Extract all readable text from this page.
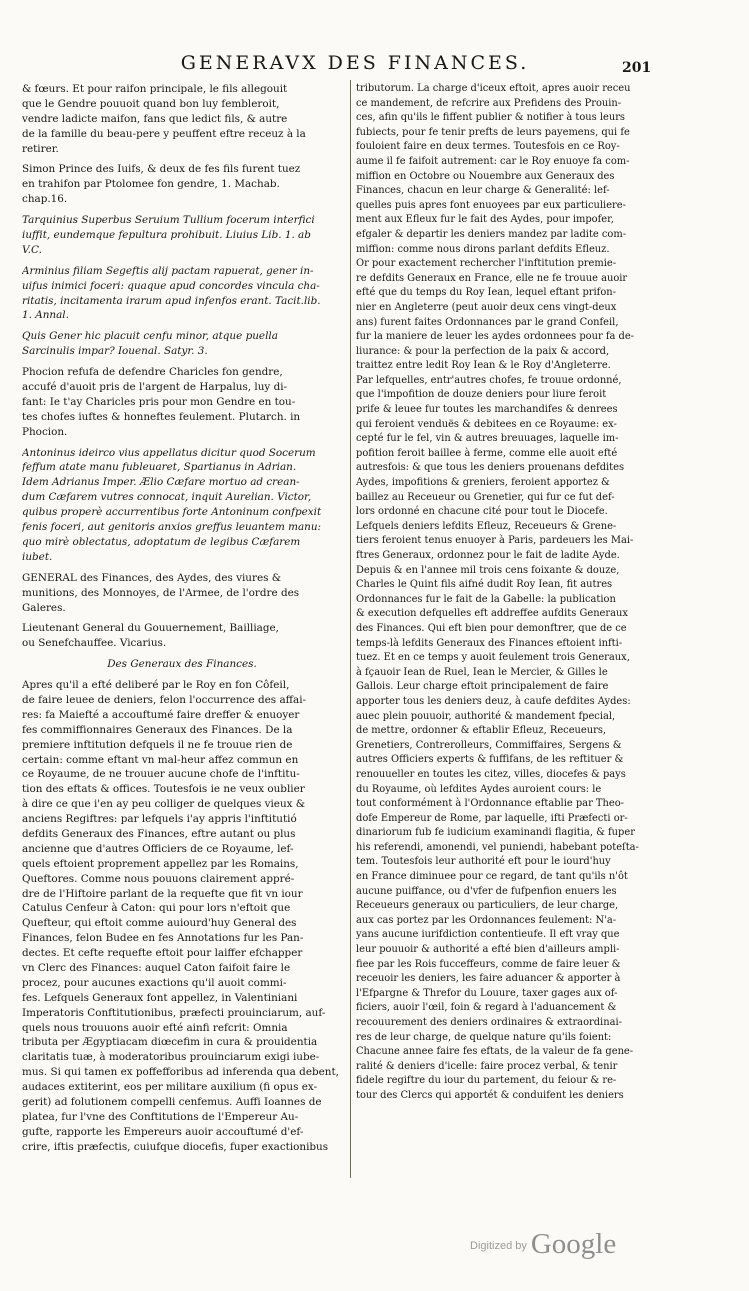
GENERAVX DES FINANCES.	201
& fœurs. Et pour raifon principale, le fils allegouit
que le Gendre pouuoit quand bon luy fembleroit,
vendre ladicte maifon, fans que ledict fils, & autre
de la famille du beau-pere y peuffent eftre receuz à la
retirer.
Simon Prince des Iuifs, & deux de fes fils furent tuez
en trahifon par Ptolomee fon gendre, 1. Machab.
chap.16.
Tarquinius Superbus Seruium Tullium focerum interfici
iuffit, eundemque fepultura prohibuit. Liuius Lib. 1. ab
V.C.
Arminius filiam Segeftis alij pactam rapuerat, gener in-
uifus inimici foceri: quaque apud concordes vincula cha-
ritatis, incitamenta irarum apud infenfos erant. Tacit.lib.
1. Annal.
Quis Gener hic placuit cenfu minor, atque puella
Sarcinulis impar? Iouenal. Satyr. 3.
Phocion refufa de defendre Charicles fon gendre,
accufé d'auoit pris de l'argent de Harpalus, luy di-
fant: Ie t'ay Charicles pris pour mon Gendre en tou-
tes chofes iuftes & honneftes feulement. Plutarch. in
Phocion.
Antoninus ideirco vius appellatus dicitur quod Socerum
feffum atate manu fubleuaret, Spartianus in Adrian.
Idem Adrianus Imper. Ælio Cæfare mortuo ad crean-
dum Cæfarem vutres connocat, inquit Aurelian. Victor,
quibus properè accurrentibus forte Antoninum confpexit
fenis foceri, aut genitoris anxios greffus leuantem manu:
quo mirè oblectatus, adoptatum de legibus Cæfarem
iubet.
GENERAL des Finances, des Aydes, des viures &
munitions, des Monnoyes, de l'Armee, de l'ordre des
Galeres.
Lieutenant General du Gouuernement, Bailliage,
ou Senefchauffee. Vicarius.
Des Generaux des Finances.
Apres qu'il a efté deliberé par le Roy en fon Côfeil,
de faire leuee de deniers, felon l'occurrence des affai-
res: fa Maiefté a accouftumé faire dreffer & enuoyer
fes commiffionnaires Generaux des Finances. De la
premiere inftitution defquels il ne fe trouue rien de
certain: comme eftant vn mal-heur affez commun en
ce Royaume, de ne trouuer aucune chofe de l'inftitu-
tion des eftats & offices. Toutesfois ie ne veux oublier
à dire ce que i'en ay peu colliger de quelques vieux &
anciens Regiftres: par lefquels i'ay appris l'inftitutió
defdits Generaux des Finances, eftre autant ou plus
ancienne que d'autres Officiers de ce Royaume, lef-
quels eftoient proprement appellez par les Romains,
Queftores. Comme nous pouuons clairement appré-
dre de l'Hiftoire parlant de la requefte que fit vn iour
Catulus Cenfeur à Caton: qui pour lors n'eftoit que
Quefteur, qui eftoit comme auiourd'huy General des
Finances, felon Budee en fes Annotations fur les Pan-
dectes. Et cefte requefte eftoit pour laiffer efchapper
vn Clerc des Finances: auquel Caton faifoit faire le
procez, pour aucunes exactions qu'il auoit commi-
fes. Lefquels Generaux font appellez, in Valentiniani
Imperatoris Conftitutionibus, præfecti prouinciarum, auf-
quels nous trouuons auoir efté ainfi refcrit: Omnia
tributa per Ægyptiacam diœcefim in cura & prouidentia
claritatis tuæ, à moderatoribus prouinciarum exigi iube-
mus. Si qui tamen ex poffefforibus ad inferenda qua debent,
audaces extiterint, eos per militare auxilium (fi opus ex-
gerit) ad folutionem compelli cenfemus. Auffi Ioannes de
platea, fur l'vne des Conftitutions de l'Empereur Au-
gufte, rapporte les Empereurs auoir accouftumé d'ef-
crire, iftis præfectis, cuiufque diocefis, fuper exactionibus
tributorum. La charge d'iceux eftoit, apres auoir receu
ce mandement, de refcrire aux Prefidens des Prouin-
ces, afin qu'ils le fiffent publier & notifier à tous leurs
fubiects, pour fe tenir prefts de leurs payemens, qui fe
fouloient faire en deux termes. Toutesfois en ce Roy-
aume il fe faifoit autrement: car le Roy enuoye fa com-
miffion en Octobre ou Nouembre aux Generaux des
Finances, chacun en leur charge & Generalité: lef-
quelles puis apres font enuoyees par eux particuliere-
ment aux Efleux fur le fait des Aydes, pour impofer,
efgaler & departir les deniers mandez par ladite com-
miffion: comme nous dirons parlant defdits Efleuz.
Or pour exactement rechercher l'inftitution premie-
re defdits Generaux en France, elle ne fe trouue auoir
efté que du temps du Roy Iean, lequel eftant prifon-
nier en Angleterre (peut auoir deux cens vingt-deux
ans) furent faites Ordonnances par le grand Confeil,
fur la maniere de leuer les aydes ordonnees pour fa de-
liurance: & pour la perfection de la paix & accord,
traittez entre ledit Roy Iean & le Roy d'Angleterre.
Par lefquelles, entr'autres chofes, fe trouue ordonné,
que l'impofition de douze deniers pour liure feroit
prife & leuee fur toutes les marchandifes & denrees
qui feroient venduës & debitees en ce Royaume: ex-
cepté fur le fel, vin & autres breuuages, laquelle im-
pofition feroit baillee à ferme, comme elle auoit efté
autresfois: & que tous les deniers prouenans defdites
Aydes, impofitions & greniers, feroient apportez &
baillez au Receueur ou Grenetier, qui fur ce fut def-
lors ordonné en chacune cité pour tout le Diocefe.
Lefquels deniers lefdits Efleuz, Receueurs & Grene-
tiers feroient tenus enuoyer à Paris, pardeuers les Mai-
ftres Generaux, ordonnez pour le fait de ladite Ayde.
Depuis & en l'annee mil trois cens foixante & douze,
Charles le Quint fils aifné dudit Roy Iean, fit autres
Ordonnances fur le fait de la Gabelle: la publication
& execution defquelles eft addreffee aufdits Generaux
des Finances. Qui eft bien pour demonftrer, que de ce
temps-là lefdits Generaux des Finances eftoient infti-
tuez. Et en ce temps y auoit feulement trois Generaux,
à fçauoir Iean de Ruel, Iean le Mercier, & Gilles le
Gallois. Leur charge eftoit principalement de faire
apporter tous les deniers deuz, à caufe defdites Aydes:
auec plein pouuoir, authorité & mandement fpecial,
de mettre, ordonner & eftablir Efleuz, Receueurs,
Grenetiers, Contrerolleurs, Commiffaires, Sergens &
autres Officiers experts & fuffifans, de les reftituer &
renouueller en toutes les citez, villes, diocefes & pays
du Royaume, où lefdites Aydes auroient cours: le
tout conformément à l'Ordonnance eftablie par Theo-
dofe Empereur de Rome, par laquelle, ifti Præfecti or-
dinariorum fub fe iudicium examinandi flagitia, & fuper
his referendi, amonendi, vel puniendi, habebant poteſta-
tem. Toutesfois leur authorité eft pour le iourd'huy
en France diminuee pour ce regard, de tant qu'ils n'ôt
aucune puiffance, ou d'vfer de fufpenfion enuers les
Receueurs generaux ou particuliers, de leur charge,
aux cas portez par les Ordonnances feulement: N'a-
yans aucune iurifdiction contentieufe. Il eft vray que
leur pouuoir & authorité a efté bien d'ailleurs ampli-
fiee par les Rois fucceffeurs, comme de faire leuer &
receuoir les deniers, les faire aduancer & apporter à
l'Efpargne & Threfor du Louure, taxer gages aux of-
ficiers, auoir l'œil, foin & regard à l'aduancement &
recouurement des deniers ordinaires & extraordinai-
res de leur charge, de quelque nature qu'ils foient:
Chacune annee faire fes eftats, de la valeur de fa gene-
ralité & deniers d'icelle: faire procez verbal, & tenir
fidele regiftre du iour du partement, du feiour & re-
tour des Clercs qui apportét & conduifent les deniers
Digitized by Google
